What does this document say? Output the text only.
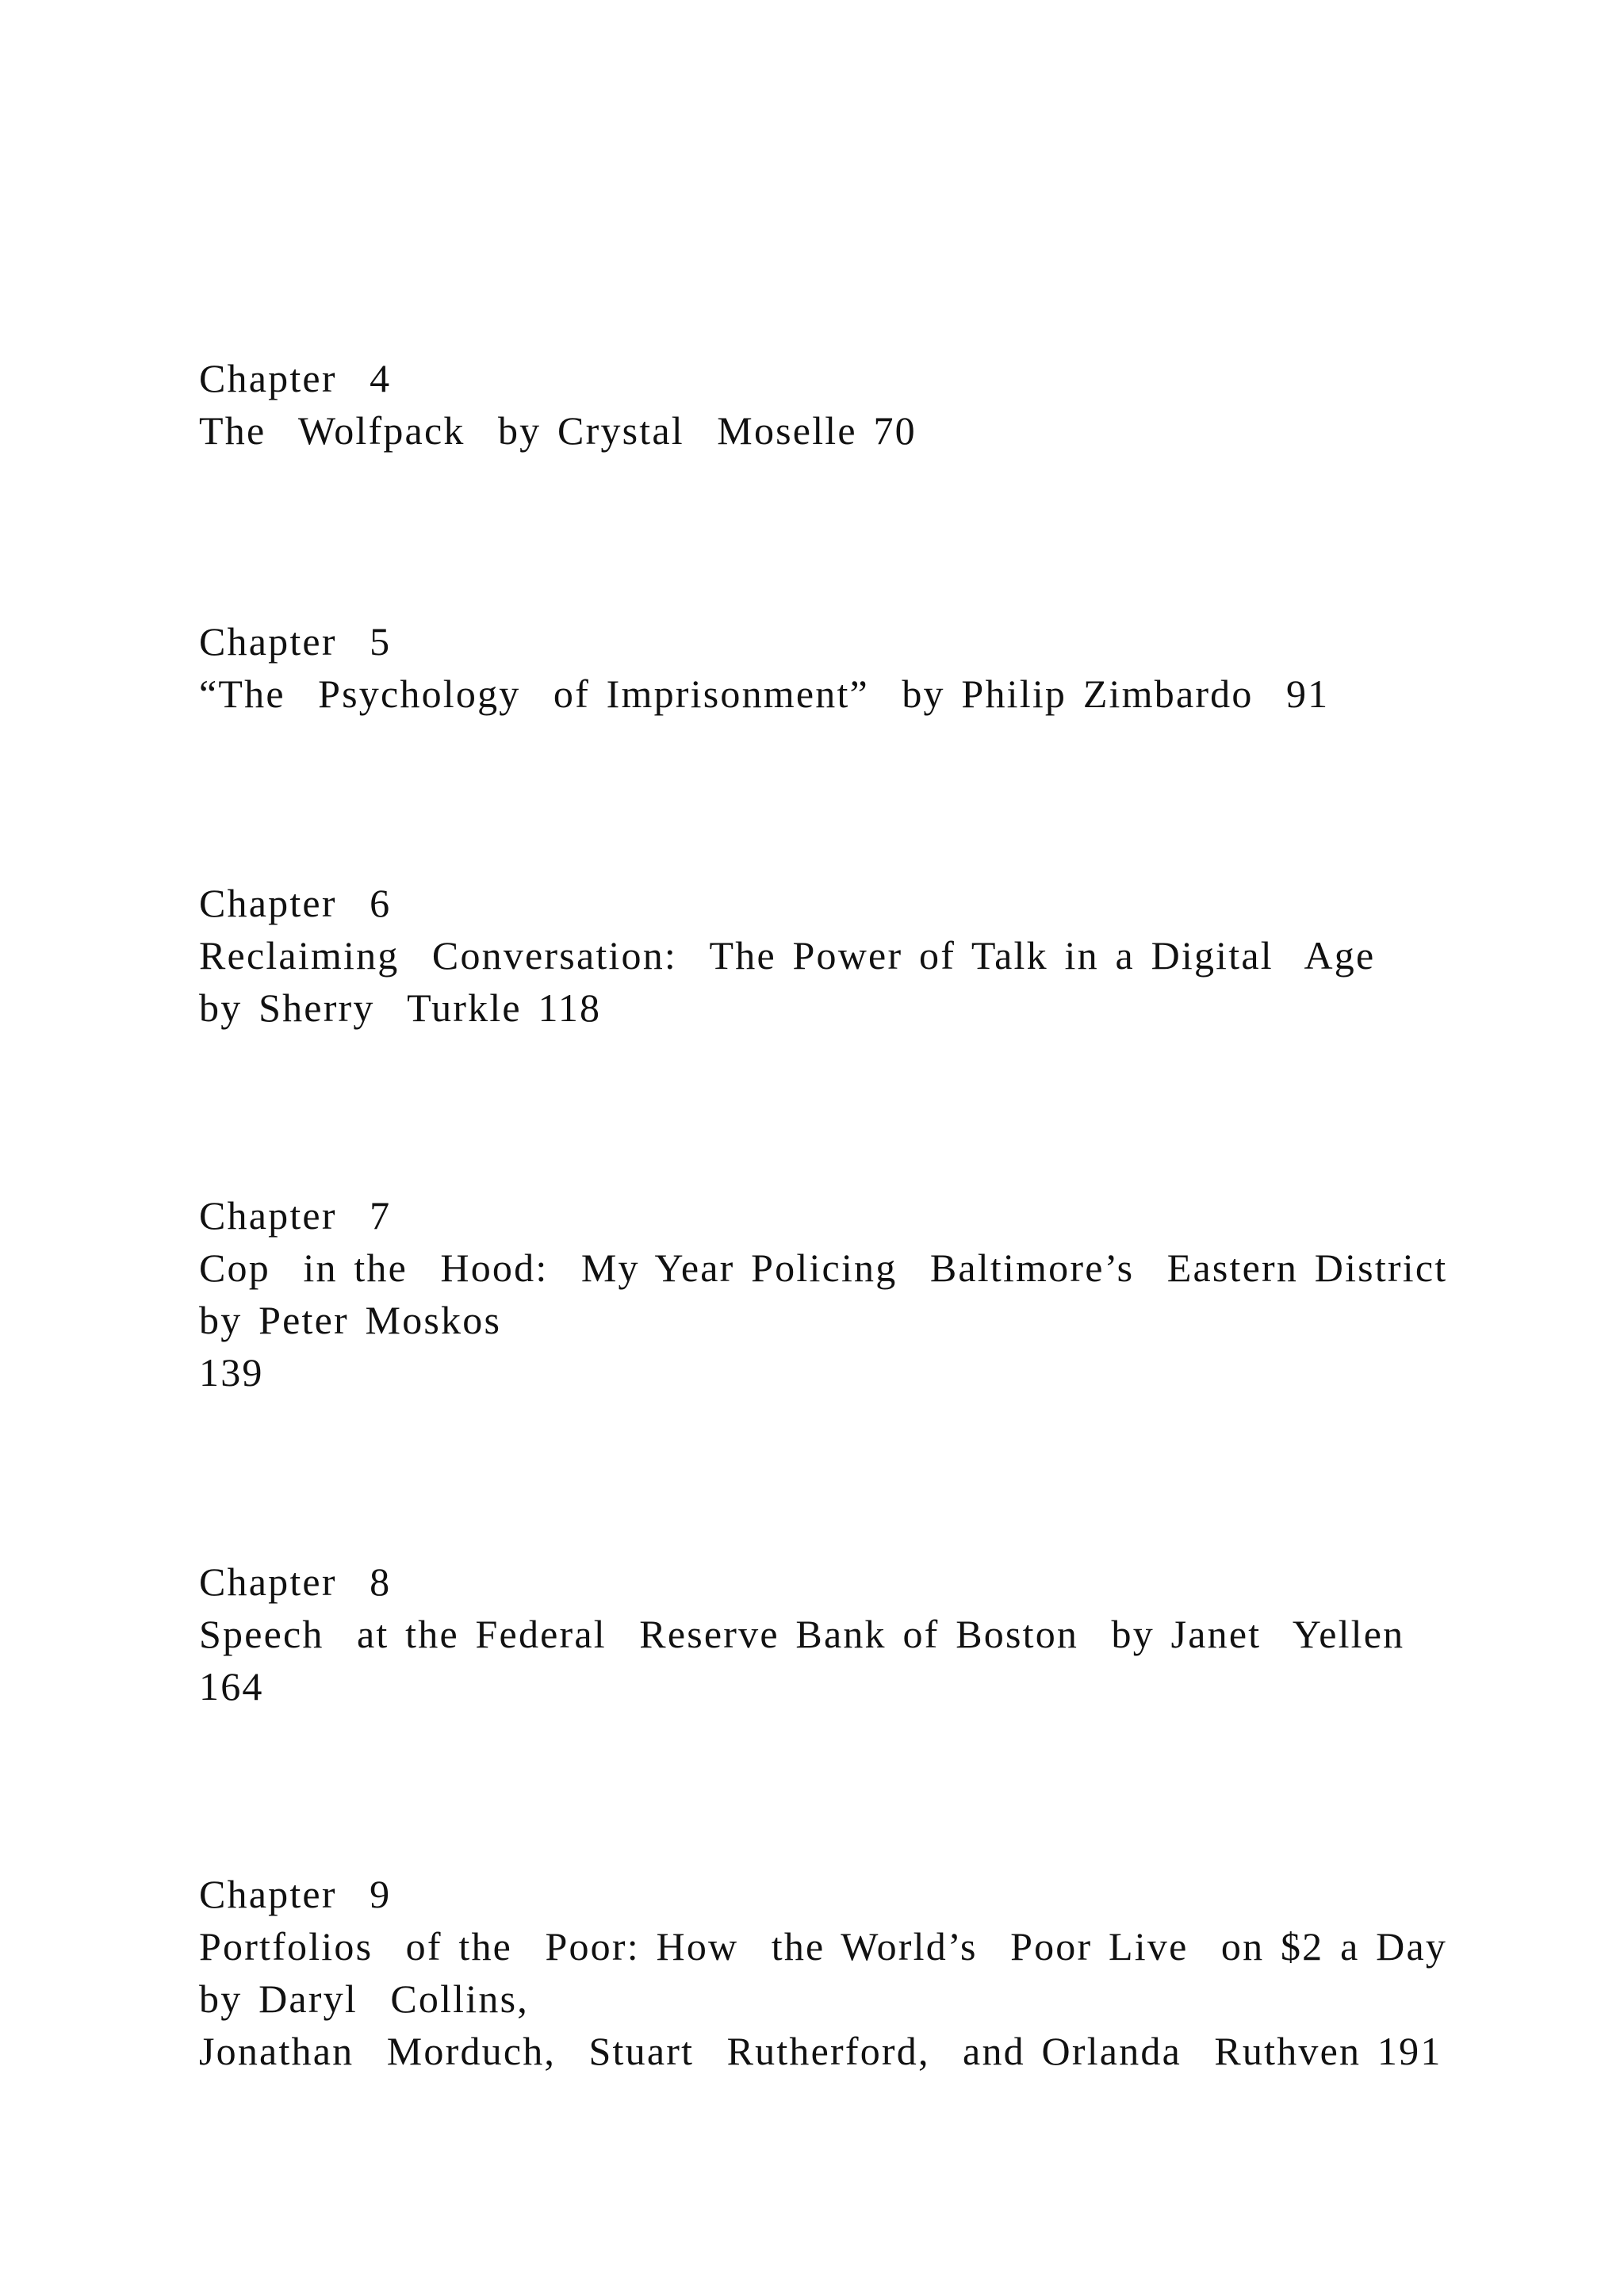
Chapter  4
The  Wolfpack  by Crystal  Moselle 70
Chapter  5
“The  Psychology  of Imprisonment”  by Philip Zimbardo  91
Chapter  6
Reclaiming  Conversation:  The Power of Talk in a Digital  Age
by Sherry  Turkle 118
Chapter  7
Cop  in the  Hood:  My Year Policing  Baltimore’s  Eastern District
by Peter Moskos
139
Chapter  8
Speech  at the Federal  Reserve Bank of Boston  by Janet  Yellen
164
Chapter  9
Portfolios  of the  Poor: How  the World’s  Poor Live  on $2 a Day
by Daryl  Collins,
Jonathan  Morduch,  Stuart  Rutherford,  and Orlanda  Ruthven 191
